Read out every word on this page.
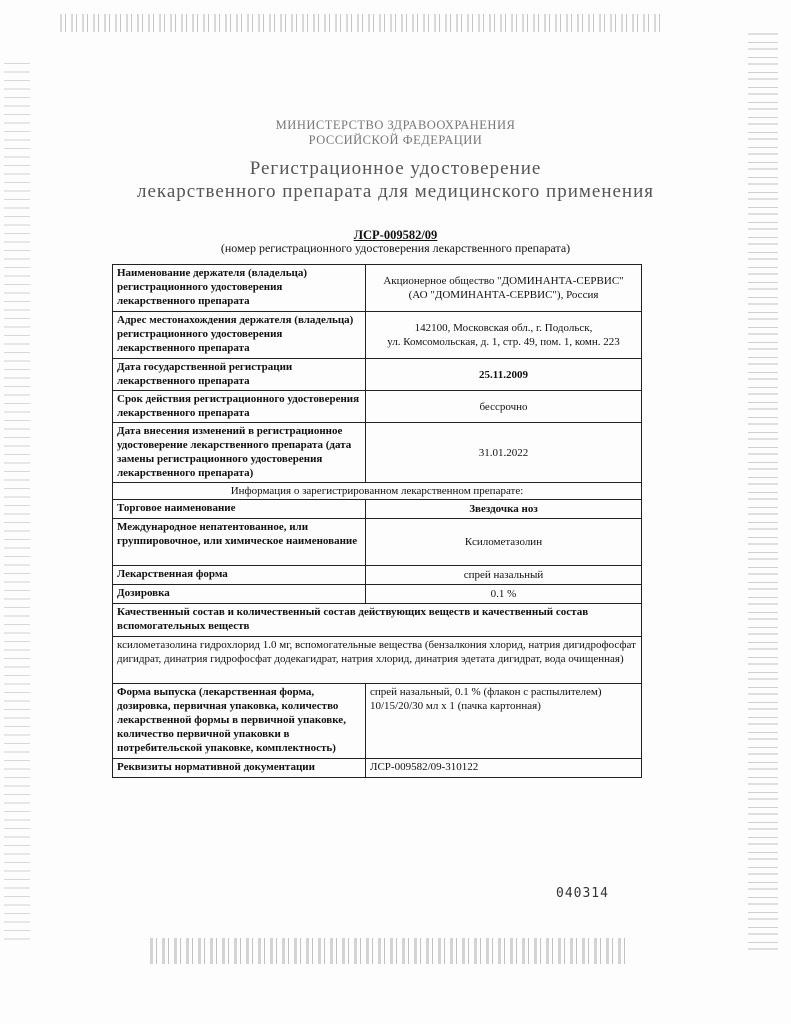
МИНИСТЕРСТВО ЗДРАВООХРАНЕНИЯ
РОССИЙСКОЙ ФЕДЕРАЦИИ
Регистрационное удостоверение
лекарственного препарата для медицинского применения
ЛСР-009582/09
(номер регистрационного удостоверения лекарственного препарата)
Наименование держателя (владельца) регистрационного удостоверения лекарственного препарата	Акционерное общество "ДОМИНАНТА-СЕРВИС"
(АО "ДОМИНАНТА-СЕРВИС"), Россия

Адрес местонахождения держателя (владельца) регистрационного удостоверения лекарственного препарата	142100, Московская обл., г. Подольск,
ул. Комсомольская, д. 1, стр. 49, пом. 1, комн. 223

Дата государственной регистрации лекарственного препарата	25.11.2009
Срок действия регистрационного удостоверения лекарственного препарата	бессрочно
Дата внесения изменений в регистрационное удостоверение лекарственного препарата (дата замены регистрационного удостоверения лекарственного препарата)	31.01.2022
Информация о зарегистрированном лекарственном препарате:	
Торговое наименование	Звездочка ноз
Международное непатентованное, или группировочное, или химическое наименование	Ксилометазолин
Лекарственная форма	спрей назальный
Дозировка	0.1 %
Качественный состав и количественный состав действующих веществ и качественный состав вспомогательных веществ	
ксилометазолина гидрохлорид 1.0 мг, вспомогательные вещества (бензалкония хлорид, натрия дигидрофосфат дигидрат, динатрия гидрофосфат додекагидрат, натрия хлорид, динатрия эдетата дигидрат, вода очищенная)	
Форма выпуска (лекарственная форма, дозировка, первичная упаковка, количество лекарственной формы в первичной упаковке, количество первичной упаковки в потребительской упаковке, комплектность)	спрей назальный, 0.1 % (флакон с распылителем) 10/15/20/30 мл х 1 (пачка картонная)
Реквизиты нормативной документации	ЛСР-009582/09-310122
040314
